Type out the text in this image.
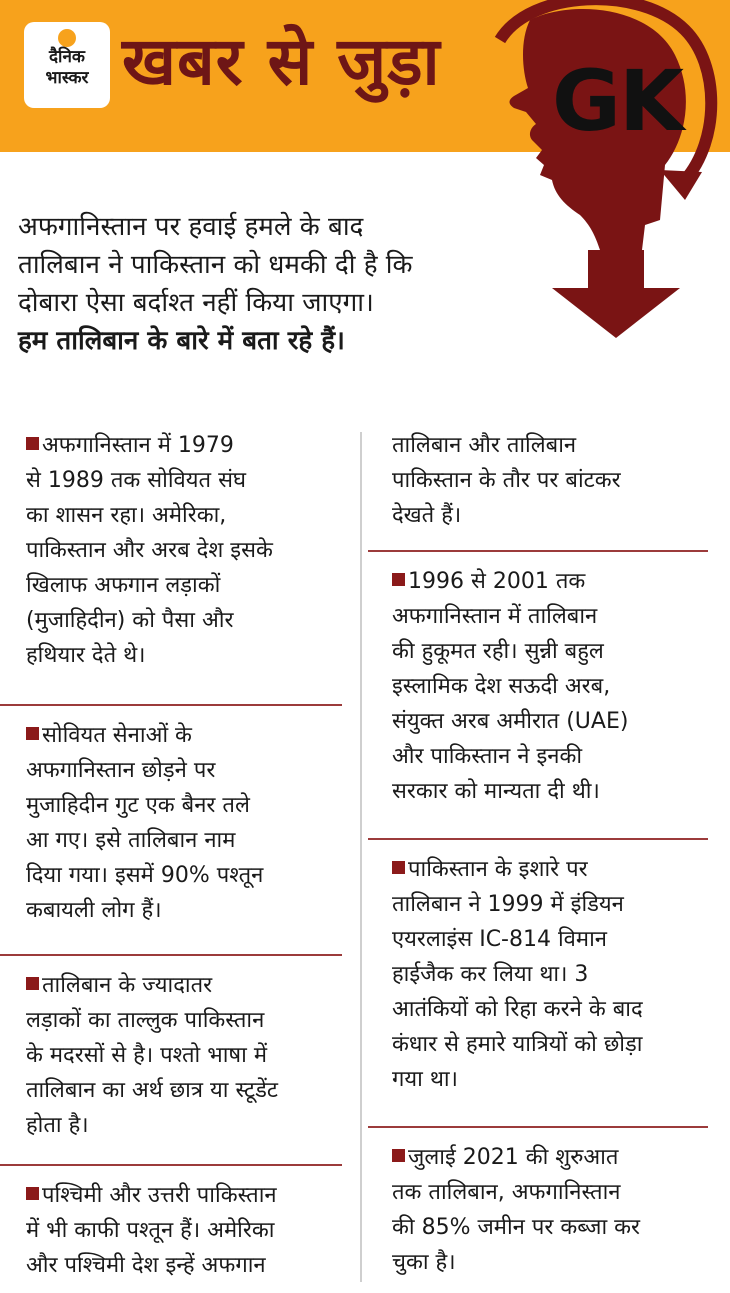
दैनिक
भास्कर खबर से जुड़ा GK
अफगानिस्तान पर हवाई हमले के बाद
तालिबान ने पाकिस्तान को धमकी दी है कि
दोबारा ऐसा बर्दाश्त नहीं किया जाएगा।
हम तालिबान के बारे में बता रहे हैं।
अफगानिस्तान में 1979
से 1989 तक सोवियत संघ
का शासन रहा। अमेरिका,
पाकिस्तान और अरब देश इसके
खिलाफ अफगान लड़ाकों
(मुजाहिदीन) को पैसा और
हथियार देते थे।
सोवियत सेनाओं के
अफगानिस्तान छोड़ने पर
मुजाहिदीन गुट एक बैनर तले
आ गए। इसे तालिबान नाम
दिया गया। इसमें 90% पश्तून
कबायली लोग हैं।
तालिबान के ज्यादातर
लड़ाकों का ताल्लुक पाकिस्तान
के मदरसों से है। पश्तो भाषा में
तालिबान का अर्थ छात्र या स्टूडेंट
होता है।
पश्चिमी और उत्तरी पाकिस्तान
में भी काफी पश्तून हैं। अमेरिका
और पश्चिमी देश इन्हें अफगान
तालिबान और तालिबान
पाकिस्तान के तौर पर बांटकर
देखते हैं।
1996 से 2001 तक
अफगानिस्तान में तालिबान
की हुकूमत रही। सुन्नी बहुल
इस्लामिक देश सऊदी अरब,
संयुक्त अरब अमीरात (UAE)
और पाकिस्तान ने इनकी
सरकार को मान्यता दी थी।
पाकिस्तान के इशारे पर
तालिबान ने 1999 में इंडियन
एयरलाइंस IC-814 विमान
हाईजैक कर लिया था। 3
आतंकियों को रिहा करने के बाद
कंधार से हमारे यात्रियों को छोड़ा
गया था।
जुलाई 2021 की शुरुआत
तक तालिबान, अफगानिस्तान
की 85% जमीन पर कब्जा कर
चुका है।
